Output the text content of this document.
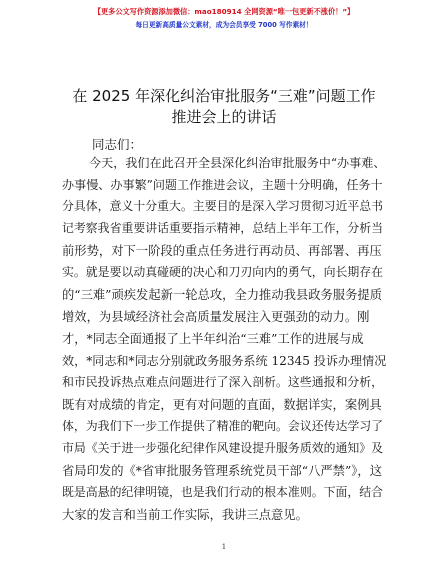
【更多公文写作资源添加微信：mao180914 全网资源“唯一包更新不涨价！”】
每日更新高质量公文素材，成为会员享受 7000 写作素材！
在 2025 年深化纠治审批服务“三难”问题工作
推进会上的讲话
同志们：
今天，我们在此召开全县深化纠治审批服务中“办事难、
办事慢、办事繁”问题工作推进会议，主题十分明确，任务十
分具体，意义十分重大。主要目的是深入学习贯彻习近平总书
记考察我省重要讲话重要指示精神，总结上半年工作，分析当
前形势，对下一阶段的重点任务进行再动员、再部署、再压
实。就是要以动真碰硬的决心和刀刃向内的勇气，向长期存在
的“三难”顽疾发起新一轮总攻，全力推动我县政务服务提质
增效，为县域经济社会高质量发展注入更强劲的动力。刚
才，*同志全面通报了上半年纠治“三难”工作的进展与成
效，*同志和*同志分别就政务服务系统 12345 投诉办理情况
和市民投诉热点难点问题进行了深入剖析。这些通报和分析，
既有对成绩的肯定，更有对问题的直面，数据详实，案例具
体，为我们下一步工作提供了精准的靶向。会议还传达学习了
市局《关于进一步强化纪律作风建设提升服务质效的通知》及
省局印发的《*省审批服务管理系统党员干部“八严禁”》，这
既是高悬的纪律明镜，也是我们行动的根本准则。下面，结合
大家的发言和当前工作实际，我讲三点意见。
1
